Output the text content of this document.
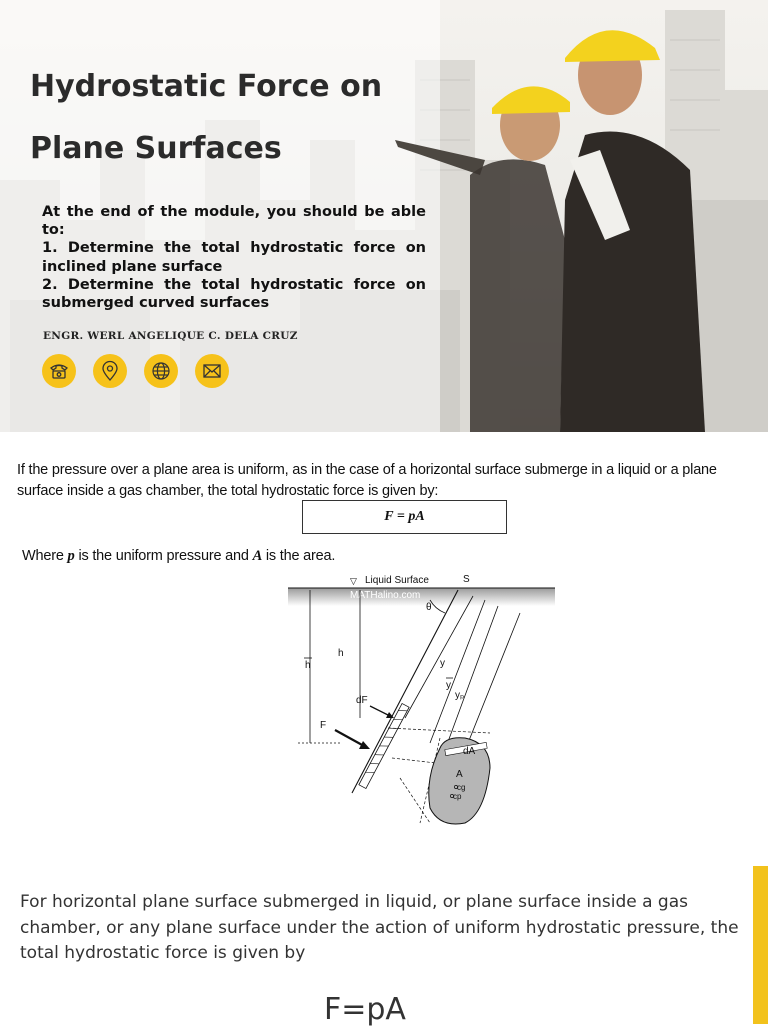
Hydrostatic Force on
Plane Surfaces
At the end of the module, you should be able to:
1. Determine the total hydrostatic force on inclined plane surface
2. Determine the total hydrostatic force on submerged curved surfaces

ENGR. WERL ANGELIQUE C. DELA CRUZ

If the pressure over a plane area is uniform, as in the case of a horizontal surface submerge in a liquid or a plane surface inside a gas chamber, the total hydrostatic force is given by:

F = pA

Where p is the uniform pressure and A is the area.

Liquid Surface
▽
MATHalino.com
S
θ
y
y
yₚ
h
h
dF
F
dA
A
cg
cp

For horizontal plane surface submerged in liquid, or plane surface inside a gas chamber, or any plane surface under the action of uniform hydrostatic pressure, the total hydrostatic force is given by

F=pA
